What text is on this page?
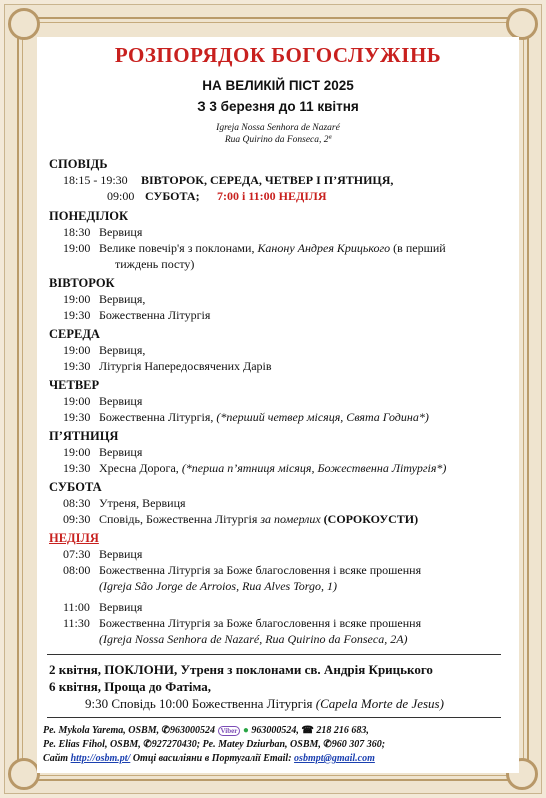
РОЗПОРЯДОК БОГОСЛУЖІНЬ
НА ВЕЛИКІЙ ПІСТ 2025
З 3 березня до 11 квітня
Igreja Nossa Senhora de Nazaré
Rua Quirino da Fonseca, 2ª
СПОВІДЬ
18:15 - 19:30 ВІВТОРОК, СЕРЕДА, ЧЕТВЕР І П’ЯТНИЦЯ,
09:00 СУБОТА; 7:00 і 11:00 НЕДІЛЯ
ПОНЕДІЛОК
18:30 Вервиця
19:00 Велике повечір'я з поклонами, Канону Андрея Крицького (в перший
тиждень посту)
ВІВТОРОК
19:00 Вервиця,
19:30 Божественна Літургія
СЕРЕДА
19:00 Вервиця,
19:30 Літургія Напередосвячених Дарів
ЧЕТВЕР
19:00 Вервиця
19:30 Божественна Літургія, (*перший четвер місяця, Свята Година*)
П’ЯТНИЦЯ
19:00 Вервиця
19:30 Хресна Дорога, (*перша п’ятниця місяця, Божественна Літургія*)
СУБОТА
08:30 Утреня, Вервиця
09:30 Сповідь, Божественна Літургія за померлих (СОРОКОУСТИ)
НЕДІЛЯ
07:30 Вервиця
08:00 Божественна Літургія за Боже благословення і всяке прошення
(Igreja São Jorge de Arroios, Rua Alves Torgo, 1)
11:00 Вервиця
11:30 Божественна Літургія за Боже благословення і всяке прошення
(Igreja Nossa Senhora de Nazaré, Rua Quirino da Fonseca, 2A)
2 квітня, ПОКЛОНИ, Утреня з поклонами св. Андрія Крицького
6 квітня, Проща до Фатіма,
9:30 Сповідь 10:00 Божественна Літургія (Capela Morte de Jesus)
Pe. Mykola Yarema, OSBM, ✆963000524 Viber ● 963000524, ☎ 218 216 683,
Pe. Elias Fihol, OSBM, ✆927270430; Pe. Matey Dziurban, OSBM, ✆960 307 360;
Сайт http://osbm.pt/ Отці василіяни в Португалії Email: osbmpt@gmail.com
